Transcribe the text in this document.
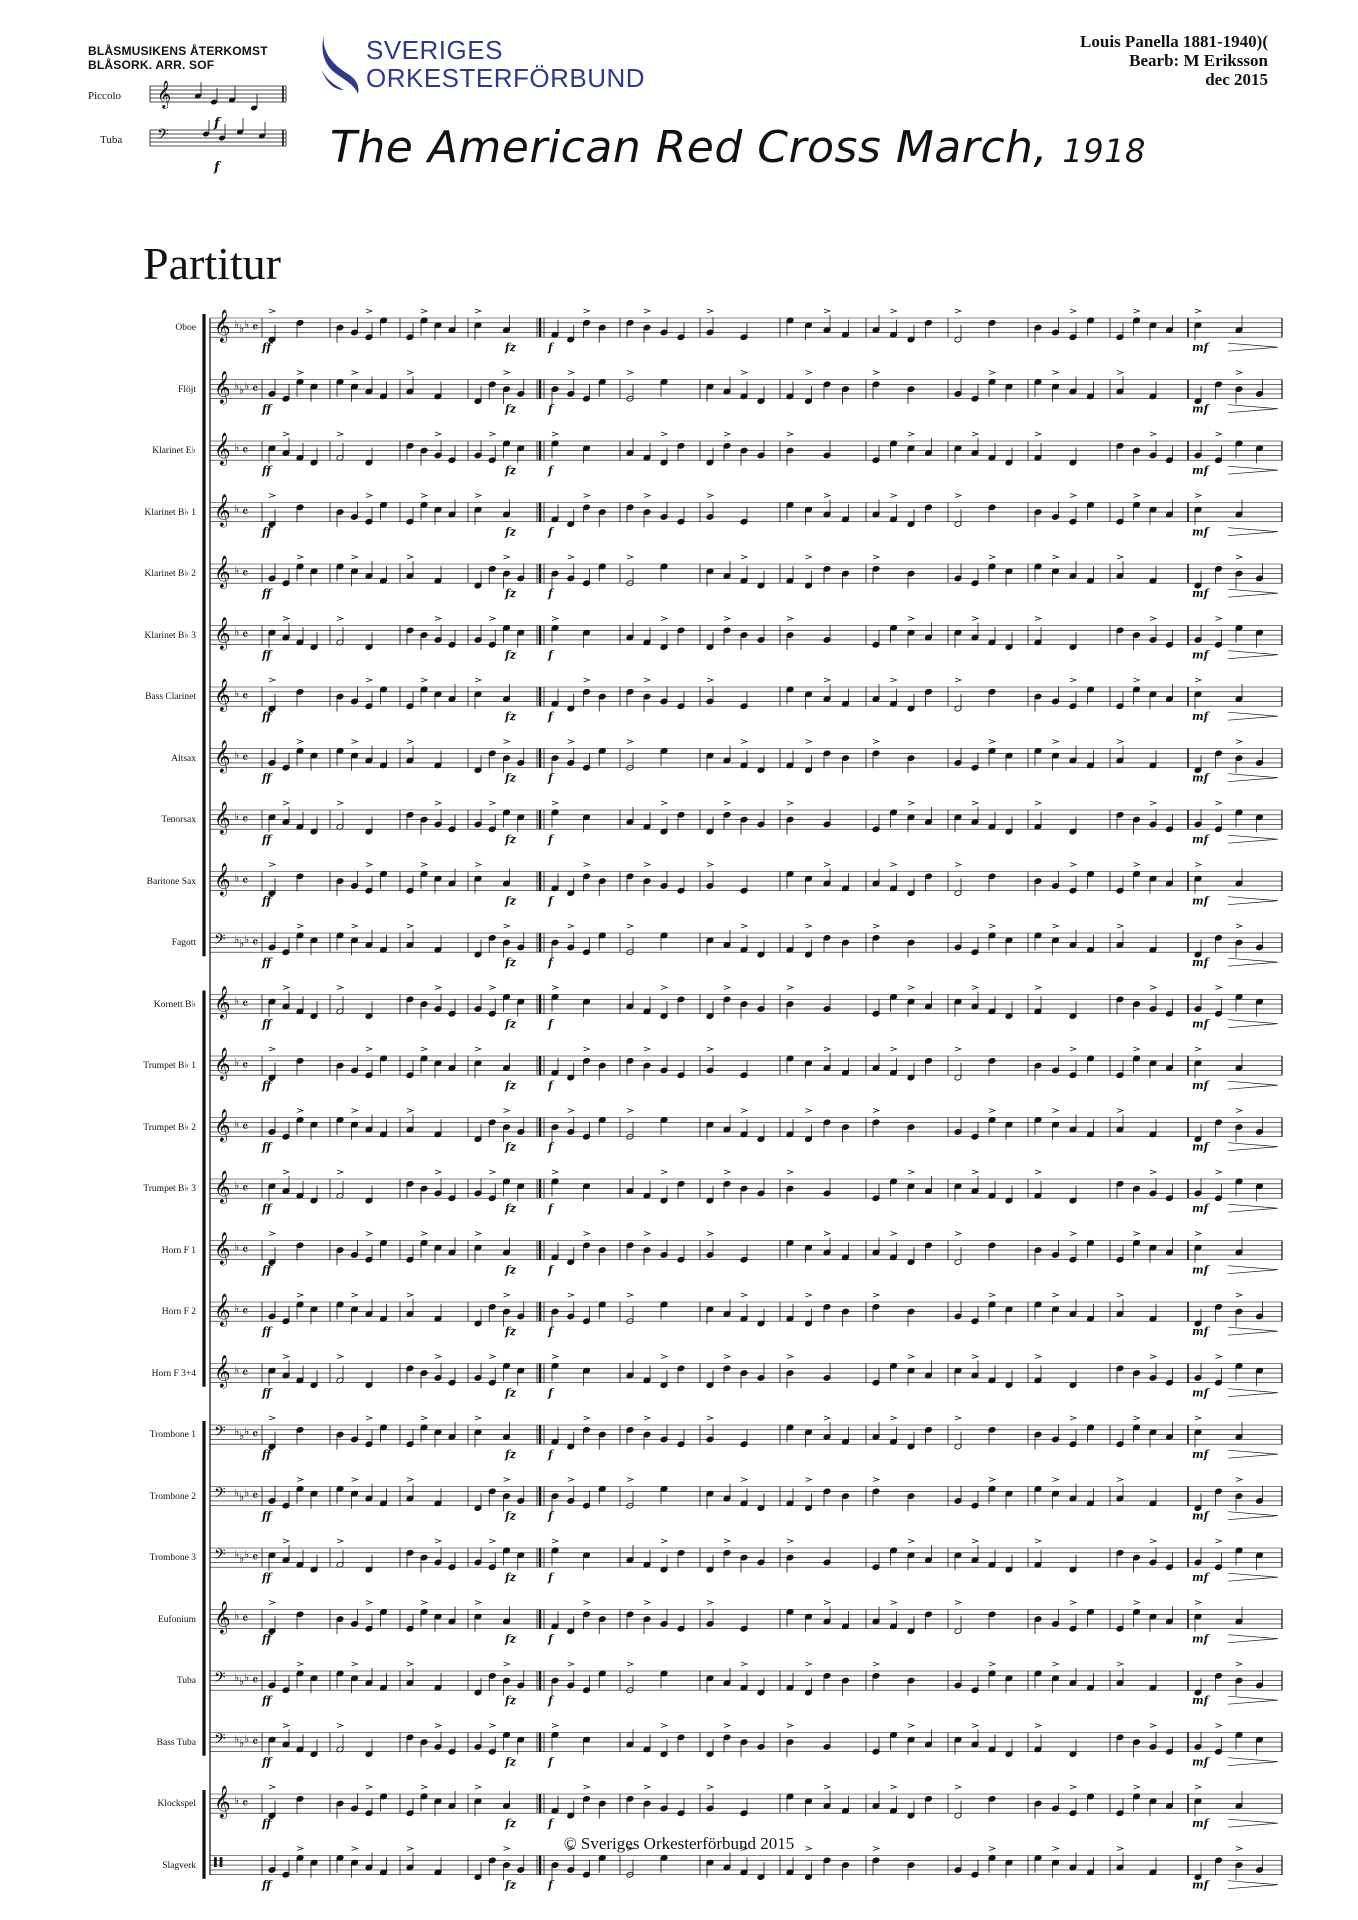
BLÅSMUSIKENS ÅTERKOMST
BLÅSORK. ARR. SOF
Piccolo
Tuba
SVERIGES
ORKESTERFÖRBUND
Louis Panella 1881-1940)(
Bearb: M Eriksson
dec 2015
The American Red Cross March, 1918
Partitur
Oboe
Flöjt
Klarinet E♭
Klarinet B♭ 1
Klarinet B♭ 2
Klarinet B♭ 3
Bass Clarinet
Altsax
Tenorsax
Baritone Sax
Fagott
Kornett B♭
Trumpet B♭ 1
Trumpet B♭ 2
Trumpet B♭ 3
Horn F 1
Horn F 2
Horn F 3+4
Trombone 1
Trombone 2
Trombone 3
Eufonium
Tuba
Bass Tuba
Klockspel
Slagverk
f
f
𝄞
𝄢
𝄞 ♭ ♭ ♭ 𝄴
ff	fz	f	mf
𝄞 ♭ ♭ ♭ 𝄴
ff	fz	f	mf
𝄞 ♭ 𝄴
ff	fz	f	mf
𝄞 ♭ 𝄴
ff	fz	f	mf
𝄞 ♭ 𝄴
ff	fz	f	mf
𝄞 ♭ 𝄴
ff	fz	f	mf
𝄞 ♭ 𝄴
ff	fz	f	mf
𝄞 ♭ 𝄴
ff	fz	f	mf
𝄞 ♭ 𝄴
ff	fz	f	mf
𝄞 ♭ 𝄴
ff	fz	f	mf
𝄢 ♭ ♭ ♭ 𝄴
ff	fz	f	mf
𝄞 ♭ 𝄴
ff	fz	f	mf
𝄞 ♭ 𝄴
ff	fz	f	mf
𝄞 ♭ 𝄴
ff	fz	f	mf
𝄞 ♭ 𝄴
ff	fz	f	mf
𝄞 ♭ 𝄴
ff	fz	f	mf
𝄞 ♭ 𝄴
ff	fz	f	mf
𝄞 ♭ 𝄴
ff	fz	f	mf
𝄢 ♭ ♭ ♭ 𝄴
ff	fz	f	mf
𝄢 ♭ ♭ ♭ 𝄴
ff	fz	f	mf
𝄢 ♭ ♭ ♭ 𝄴
ff	fz	f	mf
𝄞 ♭ 𝄴
ff	fz	f	mf
𝄢 ♭ ♭ ♭ 𝄴
ff	fz	f	mf
𝄢 ♭ ♭ ♭ 𝄴
ff	fz	f	mf
𝄞 ♭ 𝄴
ff	fz	f	mf
𝄥
ff	fz	f	mf
© Sveriges Orkesterförbund 2015
